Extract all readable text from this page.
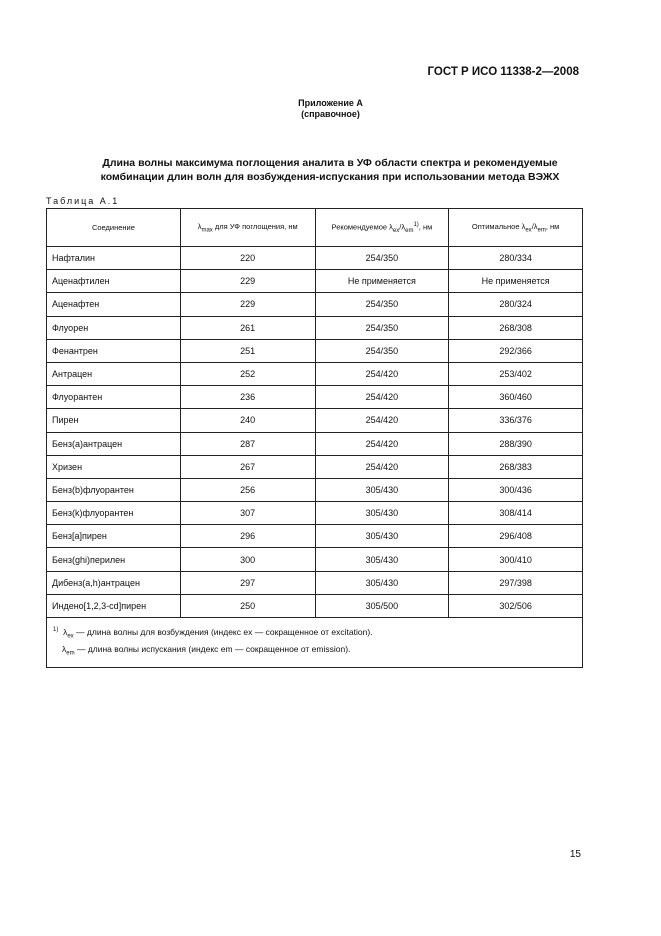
ГОСТ Р ИСО 11338-2—2008
Приложение А
(справочное)
Длина волны максимума поглощения аналита в УФ области спектра и рекомендуемые
комбинации длин волн для возбуждения-испускания при использовании метода ВЭЖХ
Таблица А.1
Соединение	$\lambda_{max}$ для УФ поглощения, нм	Рекомендуемое $\lambda_{ex}/\lambda_{em}^{1)}$, нм	Оптимальное $\lambda_{ex}/\lambda_{em}$, нм
Нафталин	220	254/350	280/334
Аценафтилен	229	Не применяется	Не применяется
Аценафтен	229	254/350	280/324
Флуорен	261	254/350	268/308
Фенантрен	251	254/350	292/366
Антрацен	252	254/420	253/402
Флуорантен	236	254/420	360/460
Пирен	240	254/420	336/376
Бенз(а)антрацен	287	254/420	288/390
Хризен	267	254/420	268/383
Бенз(b)флуорантен	256	305/430	300/436
Бенз(k)флуорантен	307	305/430	308/414
Бенз[а]пирен	296	305/430	296/408
Бенз(ghi)перилен	300	305/430	300/410
Дибенз(a,h)антрацен	297	305/430	297/398
Индено[1,2,3-cd]пирен	250	305/500	302/506

$^{1)}$ $\lambda_{ex}$ — длина волны для возбуждения (индекс ex — сокращенное от excitation).
$\lambda_{em}$ — длина волны испускания (индекс em — сокращенное от emission).			
15
